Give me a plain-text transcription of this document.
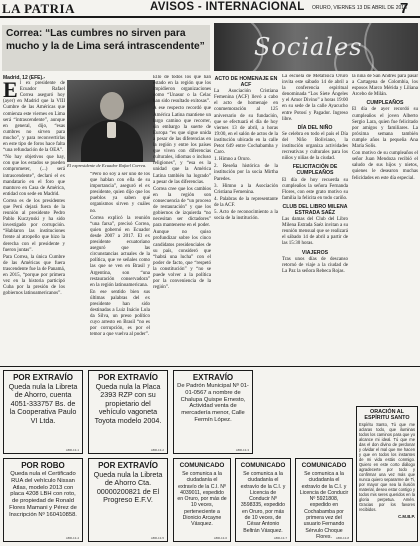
LA PATRIA	AVISOS - INTERNACIONAL ORURO, VIERNES 13 DE ABRIL DE 2018
7
Correa: “Las cumbres no sirven para mucho y la de Lima será intrascendente”
Madrid, 12 (EFE).-

El ex presidente de Ecuador Rafael Correa aseguró hoy (ayer) en Madrid que la VIII Cumbre de las Américas que comienza este viernes en Lima será “intrascendente”, aunque en general, dijo, “esas cumbres no sirven para mucho”, y para reconvertirlas en este tipo de foros hace falta “una refundación de la OEA”.

“No hay objetivos que hay, con que los estados se pueden comprometer, (...) será intrascendente”, declaró el ex mandatario en el foro que mantuvo en Casa de América, entidad con sede en Madrid.

Correa es de los presidentes que Perú dejará fuera de la reunión al presidente Pedro Pablo Kuczynski y ha sido investigado por corrupción. “Hablaron las instituciones frente al atropello que hizo la derecha con el presidente y fueron juntas”.

Para Correa, la única Cumbre de las Américas que fuera trascendente fue la de Panamá, en 2015, “porque por primera vez en la historia participó Cuba por la presión de los gobiernos latinoamericanos”.

El expresidente de Ecuador Rafael Correa.

“Pero no soy a ser uno de los que hablan con ella de su importancia”, aseguró el ex presidente, quien dijo que los pueblos ya saben qué organismos sirven y cuáles no.

Correa explicó la reunión “una farsa”, precisó Correa, quien gobernó en Ecuador desde 2007 a 2017. El ex presidente ecuatoriano aseguró que las circunstancias actuales de la política, que ve señales como las que se ven en Brasil y Argentina, son “una restauración conservadora” en la región latinoamericana.

En ese sentido bien sus últimas palabras del ex presidente han sido destinadas a Luiz Inácio Lula da Silva, un preso político cuyo arresto en Brasil “no es por corrupción, es por el temor a que vuelva al poder”.

Ello de todos los que han estado en la región que los impidieron organizaciones como “Unasur o la Celac han sido resultado exitosas”.

A ese respecto recordó que América Latina mantiene un largo camino que recorrer, sin embargo la suerte de Europa “es que sigue unida a pesar de las diferencias en la región y entre los países que viven con diferencias culturales, idiomas o incluso religiones”, y “esa es la unidad que la América Latina también ha logrado” a pesar de las diferencias.

Correa cree que los cambios en la región son consecuencia de “un proceso de restauración” y que los gobiernos de izquierda “no necesitan ser dictadores” para mantenerse en el poder.

Aunque no quiso profundizar sobre los cinco candidatos presidenciales de su país, consideró que “habrá una lucha” con el poder de facto, que “respetó la constitución” y “no se puede volver a la política por la conveniencia de la región”.

Sociales
ACTO DE HOMENAJE EN ACF

La Asociación Cristiana Femenina (ACF) llevó a cabo el acto de homenaje en conmemoración al 125 aniversario de su fundación, que se efectuará el día de hoy viernes 13 de abril, a horas 19:00, en el salón de actos de la institución ubicado en la calle Petot 649 entre Cochabamba y Caro.

1. Himno a Oruro.

2. Reseña histórica de la institución por la socia Mirtha Paredes.

3. Himno a la Asociación Cristiana Femenina.

4. Palabras de la representante de la ACF.

5. Acto de reconocimiento a la socia de la institución.

La escuela de Metafísica Oruro invita este sábado 14 de abril a la conferencia espiritual denominada “Los Siete Ángeles y el Amor Divino” a horas 19:00 en su sede de la calle Ayacucho entre Potosí y Pagador. Ingreso libre.

DÍA DEL NIÑO

Se celebra en todo el país el Día del Niño Boliviano, la institución organiza actividades recreativas y culturales para los niños y niñas de la ciudad.

FELICITACIÓN DE CUMPLEAÑOS

El día de hoy recuerda su cumpleaños la señora Fernanda Flores, con este grato motivo su familia la felicita en todo cariño.

CLUB DEL LIBRO MILENA ESTRADA SAÉZ

Las damas del Club del Libro Milena Estrada Saéz invitan a su reunión mensual que se realizará el sábado 14 de abril a partir de las 15:30 horas.

VIAJEROS

Tras unos días de descanso retornó de viaje a la ciudad de La Paz la señora Rebeca Rojas.

la niña de San Andrés para pasar a Cartagena de Colombia, los esposos Marco Mérida y Liliana Arcebo de Milán.

CUMPLEAÑOS

El día de ayer recordó su cumpleaños el joven Alberto Sergio Lara, quien fue felicitado por amigos y familiares. La próxima semana también cumple años la pequeña Ana María Solís.

Con motivo de su cumpleaños el señor Juan Mendoza recibió el saludo de sus hijos y nietos, quienes le desearon muchas felicidades en este día especial.

POR EXTRAVÍO
Queda nula la Libreta de Ahorro, cuenta 4051-333757 Bs. de la Cooperativa Paulo VI Ltda.
ABR-13-1
POR EXTRAVÍO
Queda nula la Placa 2393 RZP con su propietario del vehículo vagoneta Toyota modelo 2004.
ABR-13-2
EXTRAVÍO
De Padrón Municipal Nº 01-01-0567 a nombre de Chalupa Quispe Ernesto, Actividad venta de mercadería menor, Calle Fermín López.
ABR-13-3
POR ROBO
Queda nula el Certificado RUA del vehículo Nissan Atlas, modelo 2013 con placa 4208 LBH con roto, de propiedad de Ronald Flores Mamani y Pérez de Inscripción Nº 160410858.
ABR-13-4
POR EXTRAVÍO
Queda nula la Libreta de Ahorro Cta. 00000200821 de El Progreso E.F.V.
ABR-13-5
COMUNICADO
Se comunica a la ciudadanía el extravío de la C.I. Nº 4039011, expedido en Oruro, por más de 10 veces, perteneciente a Dionicio Arcayne Vásquez.
ABR-13-6
COMUNICADO
Se comunica a la ciudadanía el extravío de la C.I. y Licencia de Conducir Nº 3598335, expedido en Oruro, por más de 10 veces, de César Antonio Beltrán Vásquez.
ABR-13-7
COMUNICADO
Se comunica a la ciudadanía el extravío de la C.I. y Licencia de Conducir Nº 5921808, expedido en Cochabamba por primera vez del usuario Fernando Sérvulo Choque Flores.	ABR-13-8
ORACIÓN AL ESPÍRITU SANTO
Espíritu Santo, Tú que me aclaras todo, que iluminas todos los caminos para que yo alcance mi ideal. Tú que me das el don divino de perdonar y olvidar el mal que me hacen y que en todos los instantes de mi vida estás conmigo. Quiero en este corto diálogo agradecerte por todo y confirmar una vez más que nunca quiero separarme de Ti, por mayor que sea la ilusión material, deseo estar contigo y todos mis seres queridos en la gloria perpetua. Amén. Gracias por los favores recibidos.
C.M.B.P.
